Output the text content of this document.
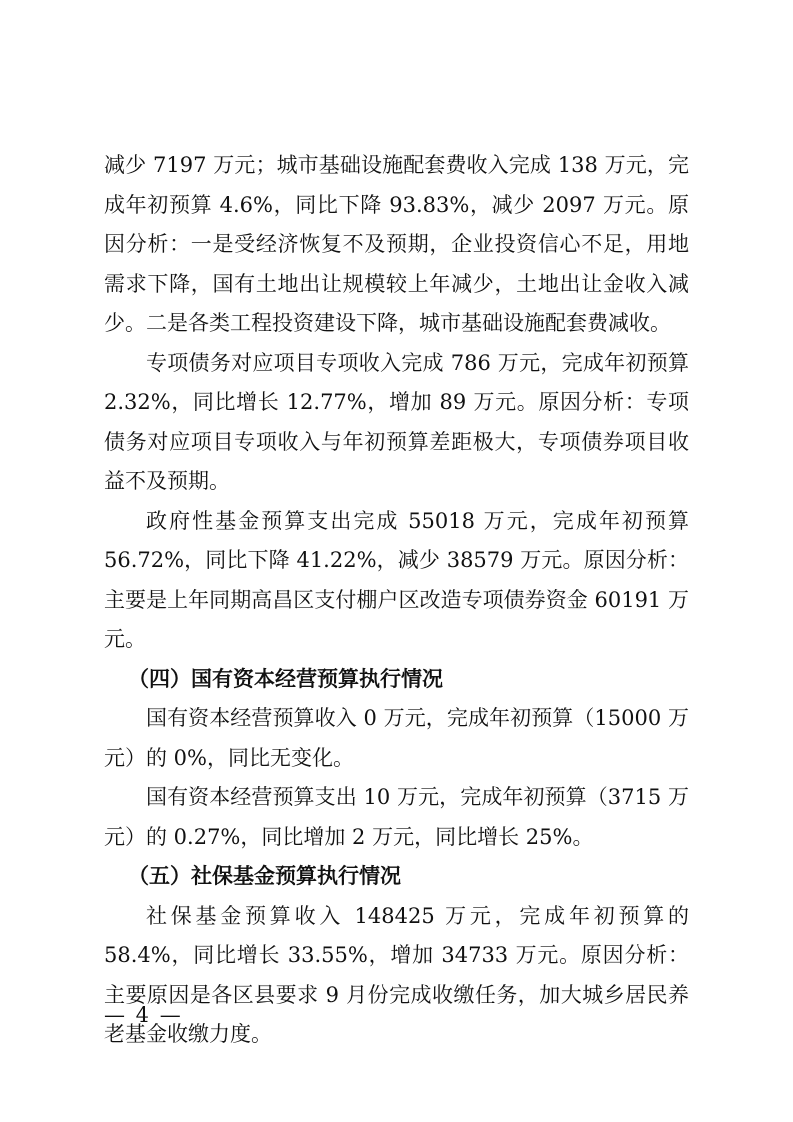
减少 7197 万元；城市基础设施配套费收入完成 138 万元，完成年初预算 4.6%，同比下降 93.83%，减少 2097 万元。原因分析：一是受经济恢复不及预期，企业投资信心不足，用地需求下降，国有土地出让规模较上年减少，土地出让金收入减少。二是各类工程投资建设下降，城市基础设施配套费减收。

专项债务对应项目专项收入完成 786 万元，完成年初预算 2.32%，同比增长 12.77%，增加 89 万元。原因分析：专项债务对应项目专项收入与年初预算差距极大，专项债券项目收益不及预期。

政府性基金预算支出完成 55018 万元，完成年初预算 56.72%，同比下降 41.22%，减少 38579 万元。原因分析：主要是上年同期高昌区支付棚户区改造专项债券资金 60191 万元。

（四）国有资本经营预算执行情况

国有资本经营预算收入 0 万元，完成年初预算（15000 万元）的 0%，同比无变化。

国有资本经营预算支出 10 万元，完成年初预算（3715 万元）的 0.27%，同比增加 2 万元，同比增长 25%。

（五）社保基金预算执行情况

社保基金预算收入 148425 万元，完成年初预算的 58.4%，同比增长 33.55%，增加 34733 万元。原因分析：主要原因是各区县要求 9 月份完成收缴任务，加大城乡居民养老基金收缴力度。

— 4 —
